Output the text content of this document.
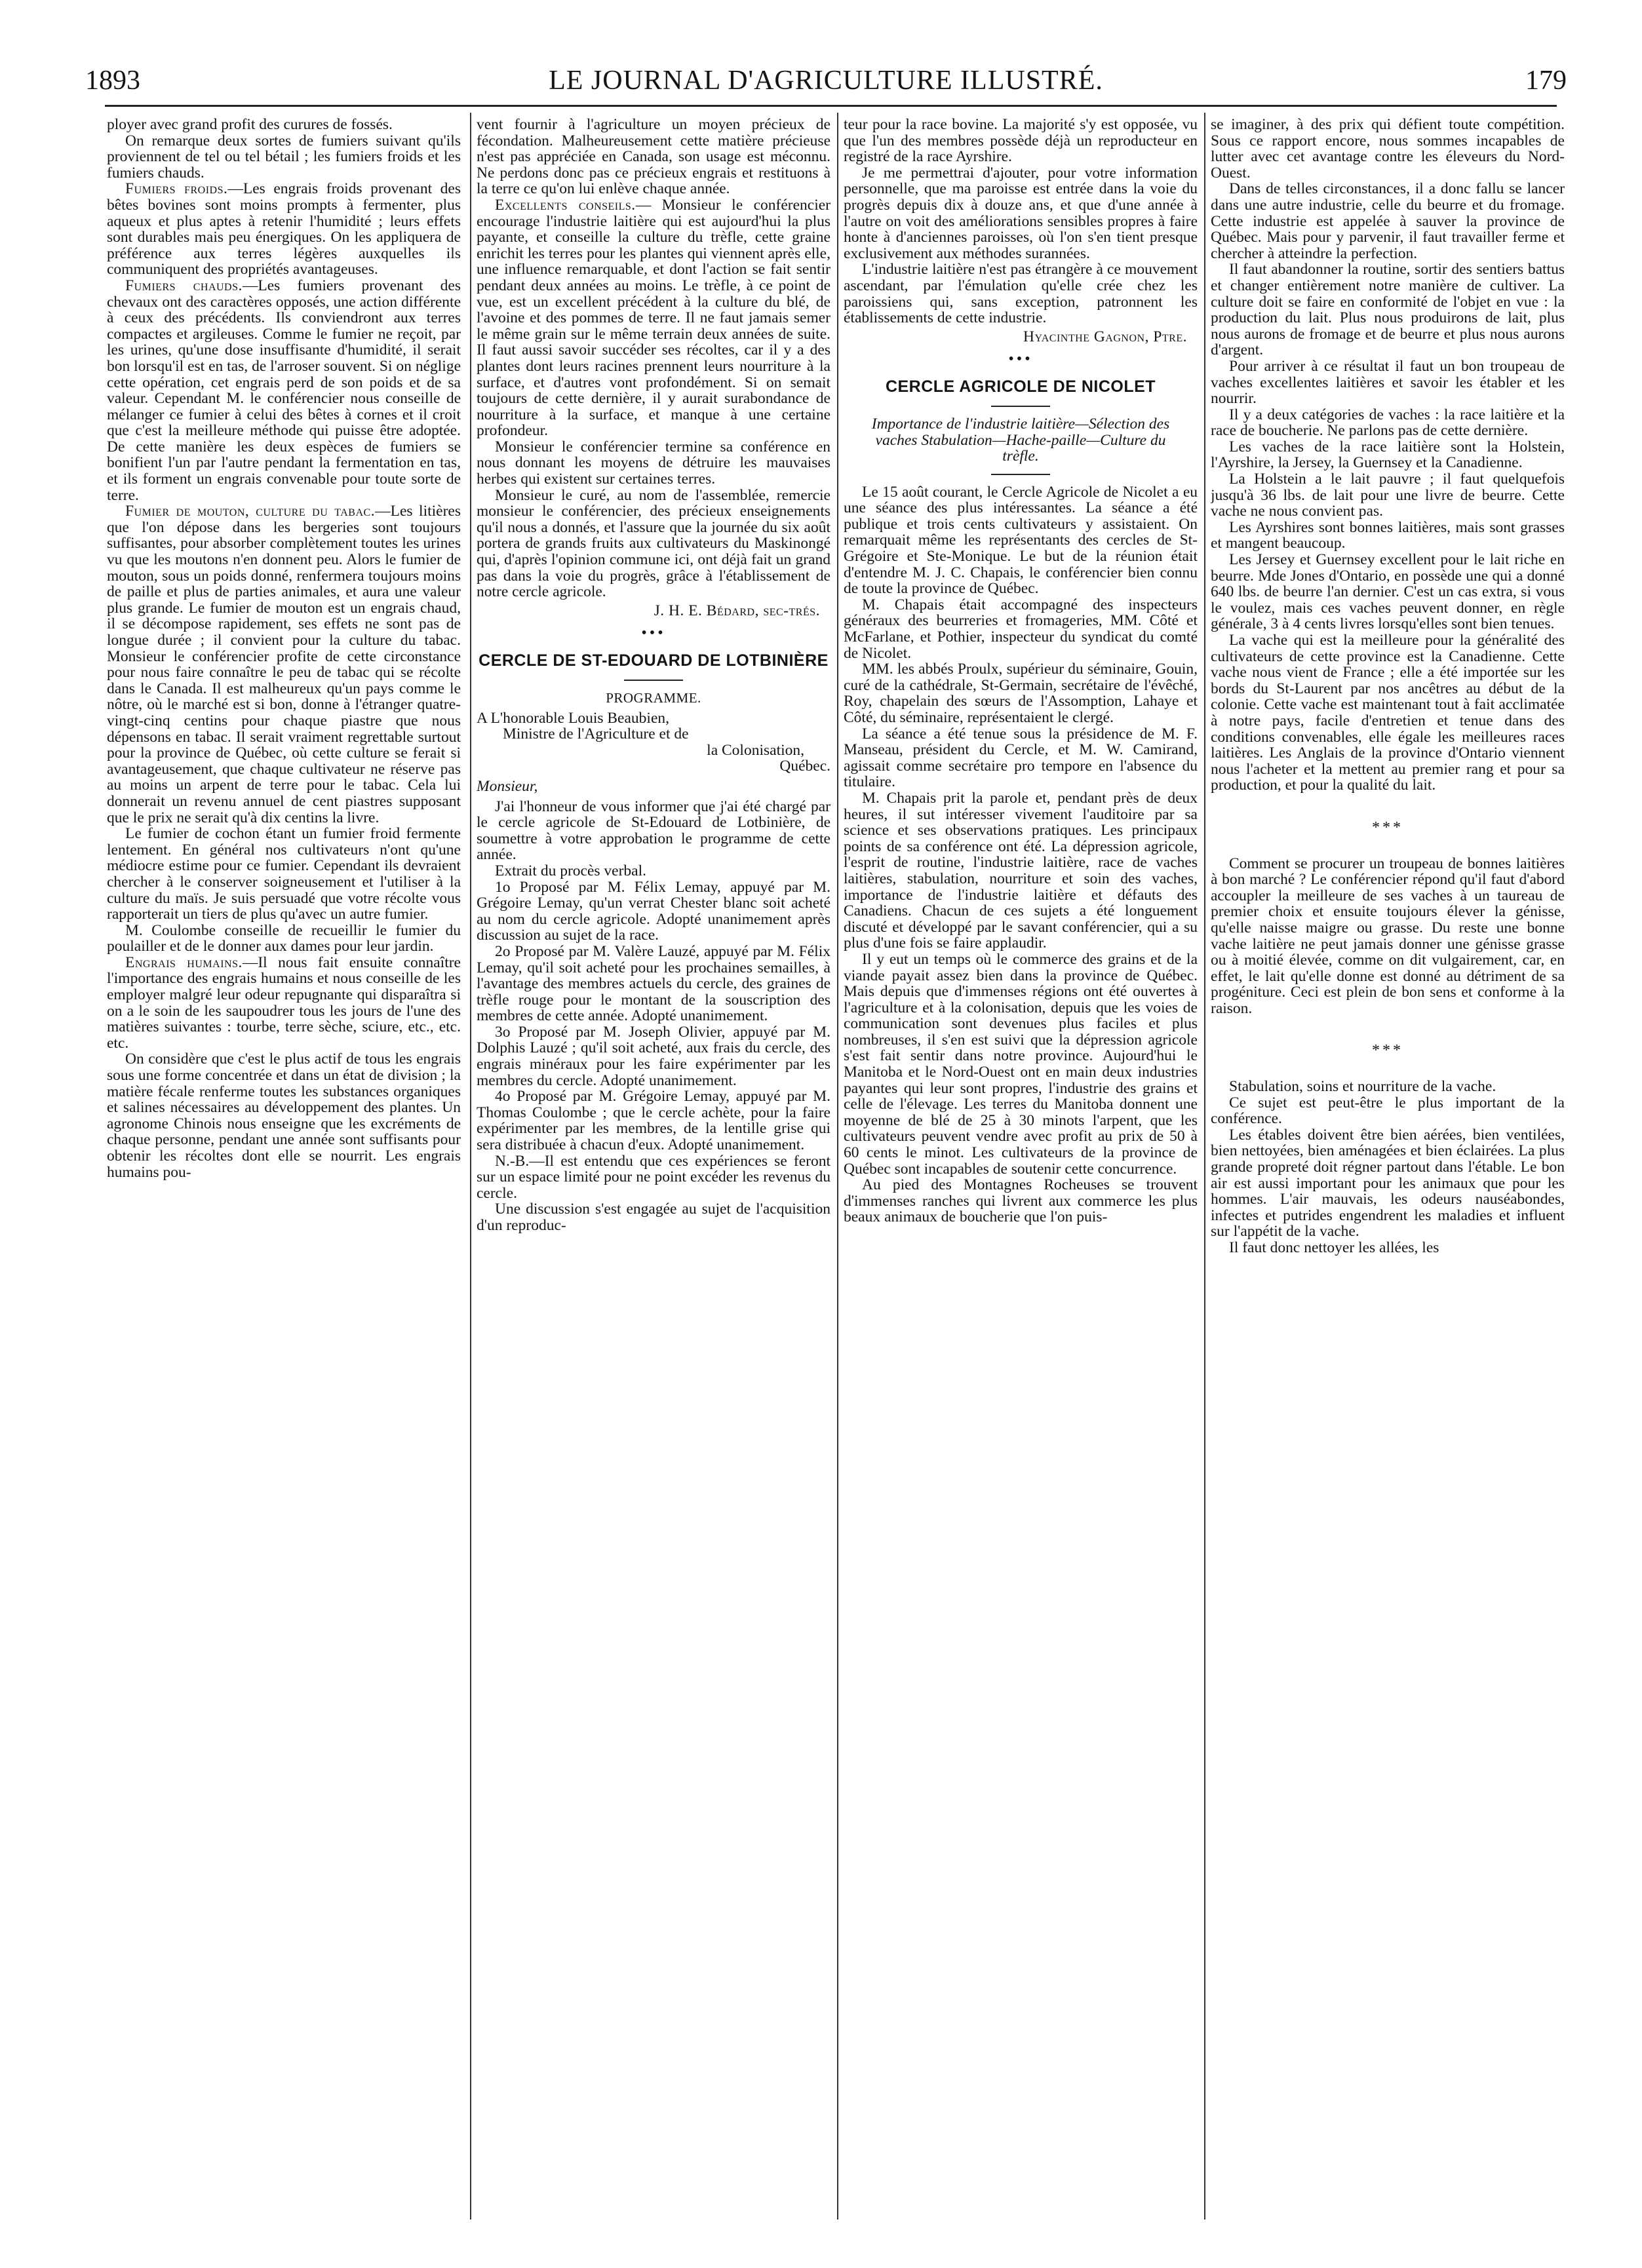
1893	LE JOURNAL D'AGRICULTURE ILLUSTRÉ.	179

ployer avec grand profit des curures de fossés.

On remarque deux sortes de fumiers suivant qu'ils proviennent de tel ou tel bétail ; les fumiers froids et les fumiers chauds.

Fumiers froids.—Les engrais froids provenant des bêtes bovines sont moins prompts à fermenter, plus aqueux et plus aptes à retenir l'humidité ; leurs effets sont durables mais peu énergiques. On les appliquera de préférence aux terres légères auxquelles ils communiquent des propriétés avantageuses.

Fumiers chauds.—Les fumiers provenant des chevaux ont des caractères opposés, une action différente à ceux des précédents. Ils conviendront aux terres compactes et argileuses. Comme le fumier ne reçoit, par les urines, qu'une dose insuffisante d'humidité, il serait bon lorsqu'il est en tas, de l'arroser souvent. Si on néglige cette opération, cet engrais perd de son poids et de sa valeur. Cependant M. le conférencier nous conseille de mélanger ce fumier à celui des bêtes à cornes et il croit que c'est la meilleure méthode qui puisse être adoptée. De cette manière les deux espèces de fumiers se bonifient l'un par l'autre pendant la fermentation en tas, et ils forment un engrais convenable pour toute sorte de terre.

Fumier de mouton, culture du tabac.—Les litières que l'on dépose dans les bergeries sont toujours suffisantes, pour absorber complètement toutes les urines vu que les moutons n'en donnent peu. Alors le fumier de mouton, sous un poids donné, renfermera toujours moins de paille et plus de parties animales, et aura une valeur plus grande. Le fumier de mouton est un engrais chaud, il se décompose rapidement, ses effets ne sont pas de longue durée ; il convient pour la culture du tabac. Monsieur le conférencier profite de cette circonstance pour nous faire connaître le peu de tabac qui se récolte dans le Canada. Il est malheureux qu'un pays comme le nôtre, où le marché est si bon, donne à l'étranger quatre-vingt-cinq centins pour chaque piastre que nous dépensons en tabac. Il serait vraiment regrettable surtout pour la province de Québec, où cette culture se ferait si avantageusement, que chaque cultivateur ne réserve pas au moins un arpent de terre pour le tabac. Cela lui donnerait un revenu annuel de cent piastres supposant que le prix ne serait qu'à dix centins la livre.

Le fumier de cochon étant un fumier froid fermente lentement. En général nos cultivateurs n'ont qu'une médiocre estime pour ce fumier. Cependant ils devraient chercher à le conserver soigneusement et l'utiliser à la culture du maïs. Je suis persuadé que votre récolte vous rapporterait un tiers de plus qu'avec un autre fumier.

M. Coulombe conseille de recueillir le fumier du poulailler et de le donner aux dames pour leur jardin.

Engrais humains.—Il nous fait ensuite connaître l'importance des engrais humains et nous conseille de les employer malgré leur odeur repugnante qui disparaîtra si on a le soin de les saupoudrer tous les jours de l'une des matières suivantes : tourbe, terre sèche, sciure, etc., etc. etc.

On considère que c'est le plus actif de tous les engrais sous une forme concentrée et dans un état de division ; la matière fécale renferme toutes les substances organiques et salines nécessaires au développement des plantes. Un agronome Chinois nous enseigne que les excréments de chaque personne, pendant une année sont suffisants pour obtenir les récoltes dont elle se nourrit. Les engrais humains pou-

vent fournir à l'agriculture un moyen précieux de fécondation. Malheureusement cette matière précieuse n'est pas appréciée en Canada, son usage est méconnu. Ne perdons donc pas ce précieux engrais et restituons à la terre ce qu'on lui enlève chaque année.

Excellents conseils.— Monsieur le conférencier encourage l'industrie laitière qui est aujourd'hui la plus payante, et conseille la culture du trèfle, cette graine enrichit les terres pour les plantes qui viennent après elle, une influence remarquable, et dont l'action se fait sentir pendant deux années au moins. Le trèfle, à ce point de vue, est un excellent précédent à la culture du blé, de l'avoine et des pommes de terre. Il ne faut jamais semer le même grain sur le même terrain deux années de suite. Il faut aussi savoir succéder ses récoltes, car il y a des plantes dont leurs racines prennent leurs nourriture à la surface, et d'autres vont profondément. Si on semait toujours de cette dernière, il y aurait surabondance de nourriture à la surface, et manque à une certaine profondeur.

Monsieur le conférencier termine sa conférence en nous donnant les moyens de détruire les mauvaises herbes qui existent sur certaines terres.

Monsieur le curé, au nom de l'assemblée, remercie monsieur le conférencier, des précieux enseignements qu'il nous a donnés, et l'assure que la journée du six août portera de grands fruits aux cultivateurs du Maskinongé qui, d'après l'opinion commune ici, ont déjà fait un grand pas dans la voie du progrès, grâce à l'établissement de notre cercle agricole.

J. H. E. Bédard, sec-trés.

•••

CERCLE DE ST-EDOUARD DE LOTBINIÈRE

PROGRAMME.

A L'honorable Louis Beaubien,

Ministre de l'Agriculture et de

la Colonisation,

Québec.

Monsieur,

J'ai l'honneur de vous informer que j'ai été chargé par le cercle agricole de St-Edouard de Lotbinière, de soumettre à votre approbation le programme de cette année.

Extrait du procès verbal.

1o Proposé par M. Félix Lemay, appuyé par M. Grégoire Lemay, qu'un verrat Chester blanc soit acheté au nom du cercle agricole. Adopté unanimement après discussion au sujet de la race.

2o Proposé par M. Valère Lauzé, appuyé par M. Félix Lemay, qu'il soit acheté pour les prochaines semailles, à l'avantage des membres actuels du cercle, des graines de trèfle rouge pour le montant de la souscription des membres de cette année. Adopté unanimement.

3o Proposé par M. Joseph Olivier, appuyé par M. Dolphis Lauzé ; qu'il soit acheté, aux frais du cercle, des engrais minéraux pour les faire expérimenter par les membres du cercle. Adopté unanimement.

4o Proposé par M. Grégoire Lemay, appuyé par M. Thomas Coulombe ; que le cercle achète, pour la faire expérimenter par les membres, de la lentille grise qui sera distribuée à chacun d'eux. Adopté unanimement.

N.-B.—Il est entendu que ces expériences se feront sur un espace limité pour ne point excéder les revenus du cercle.

Une discussion s'est engagée au sujet de l'acquisition d'un reproduc-

teur pour la race bovine. La majorité s'y est opposée, vu que l'un des membres possède déjà un reproducteur en registré de la race Ayrshire.

Je me permettrai d'ajouter, pour votre information personnelle, que ma paroisse est entrée dans la voie du progrès depuis dix à douze ans, et que d'une année à l'autre on voit des améliorations sensibles propres à faire honte à d'anciennes paroisses, où l'on s'en tient presque exclusivement aux méthodes surannées.

L'industrie laitière n'est pas étrangère à ce mouvement ascendant, par l'émulation qu'elle crée chez les paroissiens qui, sans exception, patronnent les établissements de cette industrie.

Hyacinthe Gagnon, Ptre.

•••

CERCLE AGRICOLE DE NICOLET

Importance de l'industrie laitière—Sélection des vaches Stabulation—Hache-paille—Culture du trèfle.

Le 15 août courant, le Cercle Agricole de Nicolet a eu une séance des plus intéressantes. La séance a été publique et trois cents cultivateurs y assistaient. On remarquait même les représentants des cercles de St-Grégoire et Ste-Monique. Le but de la réunion était d'entendre M. J. C. Chapais, le conférencier bien connu de toute la province de Québec.

M. Chapais était accompagné des inspecteurs généraux des beurreries et fromageries, MM. Côté et McFarlane, et Pothier, inspecteur du syndicat du comté de Nicolet.

MM. les abbés Proulx, supérieur du séminaire, Gouin, curé de la cathédrale, St-Germain, secrétaire de l'évêché, Roy, chapelain des sœurs de l'Assomption, Lahaye et Côté, du séminaire, représentaient le clergé.

La séance a été tenue sous la présidence de M. F. Manseau, président du Cercle, et M. W. Camirand, agissait comme secrétaire pro tempore en l'absence du titulaire.

M. Chapais prit la parole et, pendant près de deux heures, il sut intéresser vivement l'auditoire par sa science et ses observations pratiques. Les principaux points de sa conférence ont été. La dépression agricole, l'esprit de routine, l'industrie laitière, race de vaches laitières, stabulation, nourriture et soin des vaches, importance de l'industrie laitière et défauts des Canadiens. Chacun de ces sujets a été longuement discuté et développé par le savant conférencier, qui a su plus d'une fois se faire applaudir.

Il y eut un temps où le commerce des grains et de la viande payait assez bien dans la province de Québec. Mais depuis que d'immenses régions ont été ouvertes à l'agriculture et à la colonisation, depuis que les voies de communication sont devenues plus faciles et plus nombreuses, il s'en est suivi que la dépression agricole s'est fait sentir dans notre province. Aujourd'hui le Manitoba et le Nord-Ouest ont en main deux industries payantes qui leur sont propres, l'industrie des grains et celle de l'élevage. Les terres du Manitoba donnent une moyenne de blé de 25 à 30 minots l'arpent, que les cultivateurs peuvent vendre avec profit au prix de 50 à 60 cents le minot. Les cultivateurs de la province de Québec sont incapables de soutenir cette concurrence.

Au pied des Montagnes Rocheuses se trouvent d'immenses ranches qui livrent aux commerce les plus beaux animaux de boucherie que l'on puis-

se imaginer, à des prix qui défient toute compétition. Sous ce rapport encore, nous sommes incapables de lutter avec cet avantage contre les éleveurs du Nord-Ouest.

Dans de telles circonstances, il a donc fallu se lancer dans une autre industrie, celle du beurre et du fromage. Cette industrie est appelée à sauver la province de Québec. Mais pour y parvenir, il faut travailler ferme et chercher à atteindre la perfection.

Il faut abandonner la routine, sortir des sentiers battus et changer entièrement notre manière de cultiver. La culture doit se faire en conformité de l'objet en vue : la production du lait. Plus nous produirons de lait, plus nous aurons de fromage et de beurre et plus nous aurons d'argent.

Pour arriver à ce résultat il faut un bon troupeau de vaches excellentes laitières et savoir les établer et les nourrir.

Il y a deux catégories de vaches : la race laitière et la race de boucherie. Ne parlons pas de cette dernière.

Les vaches de la race laitière sont la Holstein, l'Ayrshire, la Jersey, la Guernsey et la Canadienne.

La Holstein a le lait pauvre ; il faut quelquefois jusqu'à 36 lbs. de lait pour une livre de beurre. Cette vache ne nous convient pas.

Les Ayrshires sont bonnes laitières, mais sont grasses et mangent beaucoup.

Les Jersey et Guernsey excellent pour le lait riche en beurre. Mde Jones d'Ontario, en possède une qui a donné 640 lbs. de beurre l'an dernier. C'est un cas extra, si vous le voulez, mais ces vaches peuvent donner, en règle générale, 3 à 4 cents livres lorsqu'elles sont bien tenues.

La vache qui est la meilleure pour la généralité des cultivateurs de cette province est la Canadienne. Cette vache nous vient de France ; elle a été importée sur les bords du St-Laurent par nos ancêtres au début de la colonie. Cette vache est maintenant tout à fait acclimatée à notre pays, facile d'entretien et tenue dans des conditions convenables, elle égale les meilleures races laitières. Les Anglais de la province d'Ontario viennent nous l'acheter et la mettent au premier rang et pour sa production, et pour la qualité du lait.

***

Comment se procurer un troupeau de bonnes laitières à bon marché ? Le conférencier répond qu'il faut d'abord accoupler la meilleure de ses vaches à un taureau de premier choix et ensuite toujours élever la génisse, qu'elle naisse maigre ou grasse. Du reste une bonne vache laitière ne peut jamais donner une génisse grasse ou à moitié élevée, comme on dit vulgairement, car, en effet, le lait qu'elle donne est donné au détriment de sa progéniture. Ceci est plein de bon sens et conforme à la raison.

***

Stabulation, soins et nourriture de la vache.

Ce sujet est peut-être le plus important de la conférence.

Les étables doivent être bien aérées, bien ventilées, bien nettoyées, bien aménagées et bien éclairées. La plus grande propreté doit régner partout dans l'étable. Le bon air est aussi important pour les animaux que pour les hommes. L'air mauvais, les odeurs nauséabondes, infectes et putrides engendrent les maladies et influent sur l'appétit de la vache.

Il faut donc nettoyer les allées, les
